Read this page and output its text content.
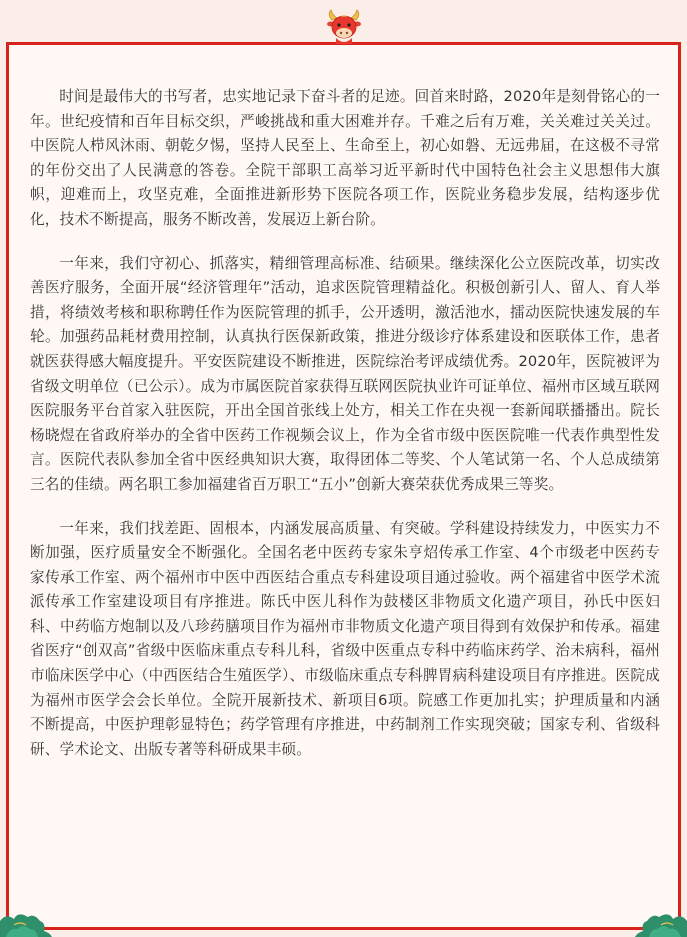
时间是最伟大的书写者，忠实地记录下奋斗者的足迹。回首来时路，2020年是刻骨铭心的一年。世纪疫情和百年目标交织，严峻挑战和重大困难并存。千难之后有万难，关关难过关关过。中医院人栉风沐雨、朝乾夕惕，坚持人民至上、生命至上，初心如磐、无远弗届，在这极不寻常的年份交出了人民满意的答卷。全院干部职工高举习近平新时代中国特色社会主义思想伟大旗帜，迎难而上，攻坚克难，全面推进新形势下医院各项工作，医院业务稳步发展，结构逐步优化，技术不断提高，服务不断改善，发展迈上新台阶。

一年来，我们守初心、抓落实，精细管理高标准、结硕果。继续深化公立医院改革，切实改善医疗服务，全面开展“经济管理年”活动，追求医院管理精益化。积极创新引人、留人、育人举措，将绩效考核和职称聘任作为医院管理的抓手，公开透明，激活池水，擂动医院快速发展的车轮。加强药品耗材费用控制，认真执行医保新政策，推进分级诊疗体系建设和医联体工作，患者就医获得感大幅度提升。平安医院建设不断推进，医院综治考评成绩优秀。2020年，医院被评为省级文明单位（已公示）。成为市属医院首家获得互联网医院执业许可证单位、福州市区域互联网医院服务平台首家入驻医院，开出全国首张线上处方，相关工作在央视一套新闻联播播出。院长杨晓煜在省政府举办的全省中医药工作视频会议上，作为全省市级中医医院唯一代表作典型性发言。医院代表队参加全省中医经典知识大赛，取得团体二等奖、个人笔试第一名、个人总成绩第三名的佳绩。两名职工参加福建省百万职工“五小”创新大赛荣获优秀成果三等奖。

一年来，我们找差距、固根本，内涵发展高质量、有突破。学科建设持续发力，中医实力不断加强，医疗质量安全不断强化。全国名老中医药专家朱亨炤传承工作室、4个市级老中医药专家传承工作室、两个福州市中医中西医结合重点专科建设项目通过验收。两个福建省中医学术流派传承工作室建设项目有序推进。陈氏中医儿科作为鼓楼区非物质文化遗产项目，孙氏中医妇科、中药临方炮制以及八珍药膳项目作为福州市非物质文化遗产项目得到有效保护和传承。福建省医疗“创双高”省级中医临床重点专科儿科，省级中医重点专科中药临床药学、治未病科，福州市临床医学中心（中西医结合生殖医学）、市级临床重点专科脾胃病科建设项目有序推进。医院成为福州市医学会会长单位。全院开展新技术、新项目6项。院感工作更加扎实；护理质量和内涵不断提高，中医护理彰显特色；药学管理有序推进，中药制剂工作实现突破；国家专利、省级科研、学术论文、出版专著等科研成果丰硕。
